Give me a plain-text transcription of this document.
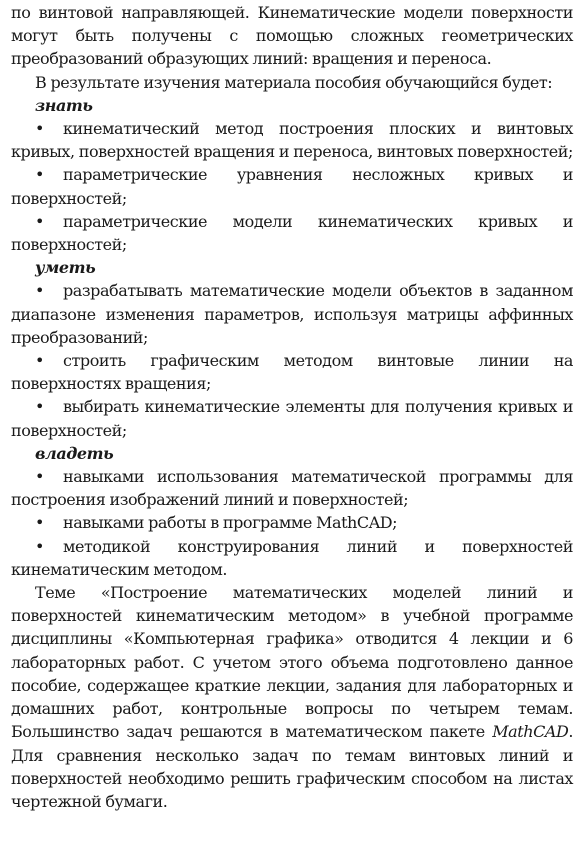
по винтовой направляющей. Кинематические модели поверхности могут быть получены с помощью сложных геометрических преобразований образующих линий: вращения и переноса.

В результате изучения материала пособия обучающийся будет:

знать

• кинематический метод построения плоских и винтовых кривых, поверхностей вращения и переноса, винтовых поверхностей;

• параметрические уравнения несложных кривых и поверхностей;

• параметрические модели кинематических кривых и поверхностей;

уметь

• разрабатывать математические модели объектов в заданном диапазоне изменения параметров, используя матрицы аффинных преобразований;

• строить графическим методом винтовые линии на поверхностях вращения;

• выбирать кинематические элементы для получения кривых и поверхностей;

владеть

• навыками использования математической программы для построения изображений линий и поверхностей;

• навыками работы в программе MathCAD;

• методикой конструирования линий и поверхностей кинематическим методом.

Теме «Построение математических моделей линий и поверхностей кинематическим методом» в учебной программе дисциплины «Компьютерная графика» отводится 4 лекции и 6 лабораторных работ. С учетом этого объема подготовлено данное пособие, содержащее краткие лекции, задания для лабораторных и домашних работ, контрольные вопросы по четырем темам. Большинство задач решаются в математическом пакете MathCAD. Для сравнения несколько задач по темам винтовых линий и поверхностей необходимо решить графическим способом на листах чертежной бумаги.
